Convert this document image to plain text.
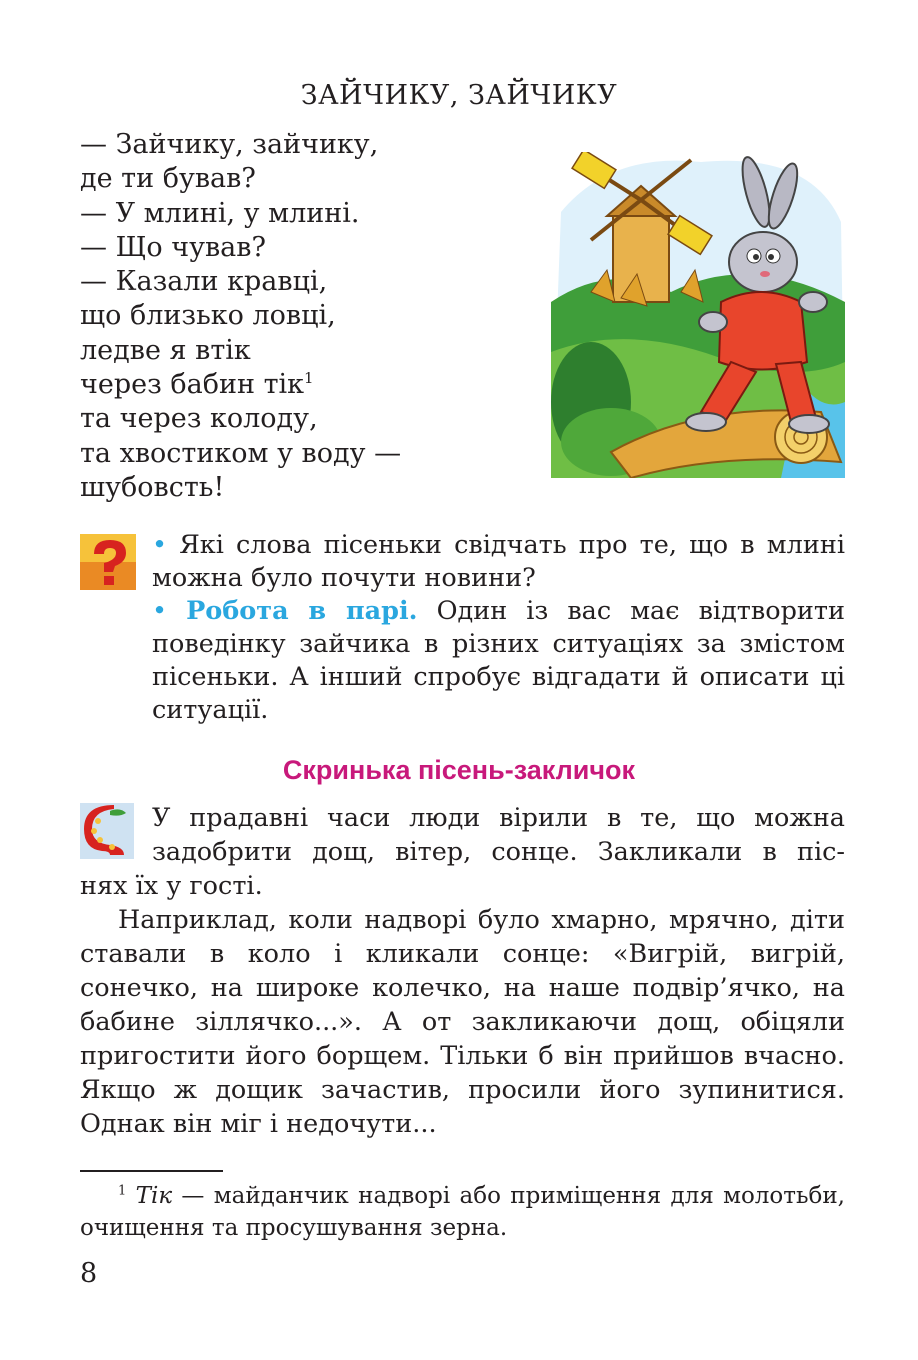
ЗАЙЧИКУ, ЗАЙЧИКУ
— Зайчику, зайчику,
де ти бував?
— У млині, у млині.
— Що чував?
— Казали кравці,
що близько ловці,
ледве я втік
через бабин тік$^1$
та через колоду,
та хвостиком у воду —
шубовсть!

• Які слова пісеньки свідчать про те, що в млині можна було почути новини?

• Робота в парі. Один із вас має відтворити поведінку зайчика в різних ситуаціях за змістом пісеньки. А інший спробує відгадати й описати ці ситуації.

Скринька пісень-закличок
У прадавні часи люди вірили в те, що можна
задобрити дощ, вітер, сонце. Закликали в піс-

нях їх у гості.

Наприклад, коли надворі було хмарно, мрячно, діти ставали в коло і кликали сонце: «Вигрій, вигрій, сонечко, на широке колечко, на наше подвір’ячко, на бабине зіллячко...». А от закликаючи дощ, обіцяли пригостити його борщем. Тільки б він прийшов вчасно. Якщо ж дощик зачастив, просили його зупинитися. Однак він міг і недочути...

$^1$ Тік — майданчик надворі або приміщення для молотьби, очищення та просушування зерна.
8
